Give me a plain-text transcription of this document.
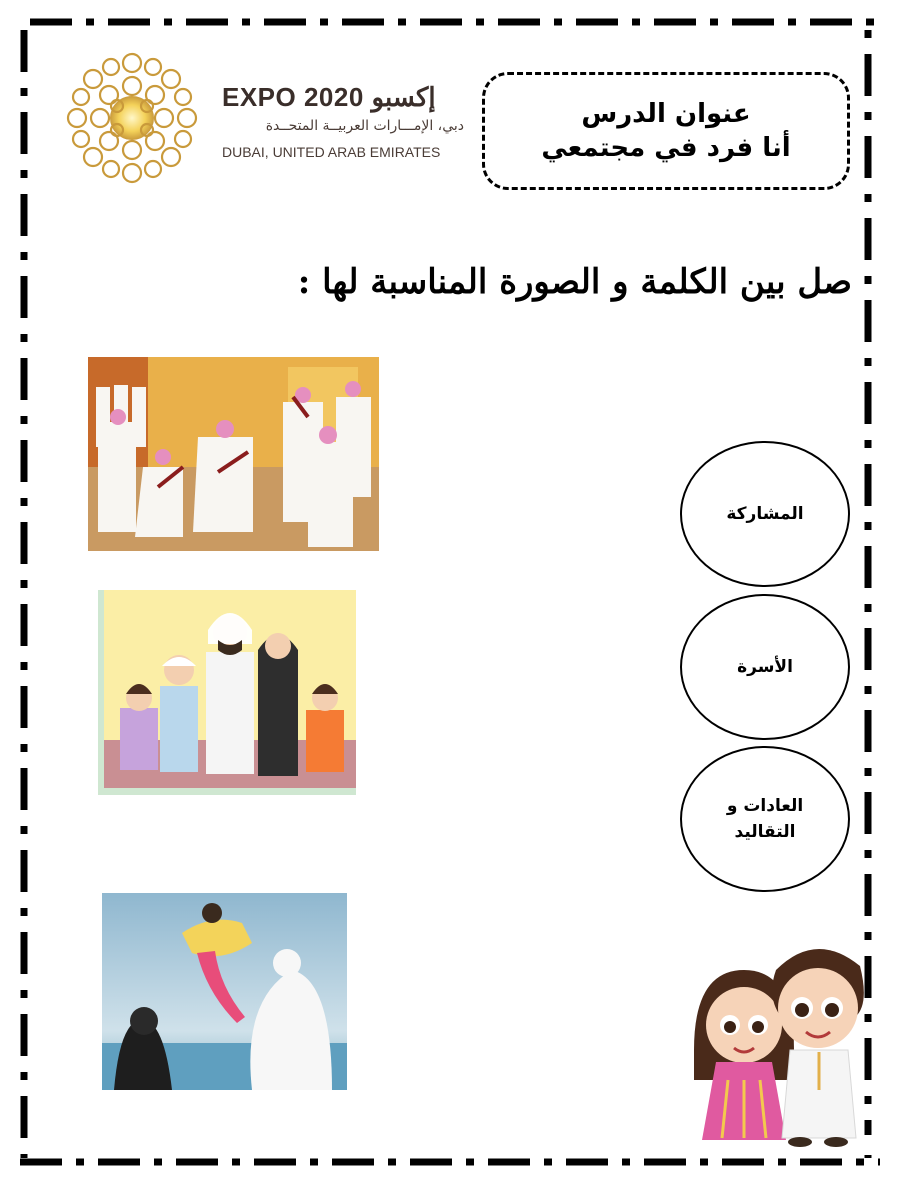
EXPO 2020 إكسبو
دبي، الإمـــارات العربيــة المتحــدة
DUBAI, UNITED ARAB EMIRATES
عنوان الدرس
أنا فرد في مجتمعي
صل بين الكلمة و الصورة المناسبة لها :
المشاركة
الأسرة
العادات و التقاليد
